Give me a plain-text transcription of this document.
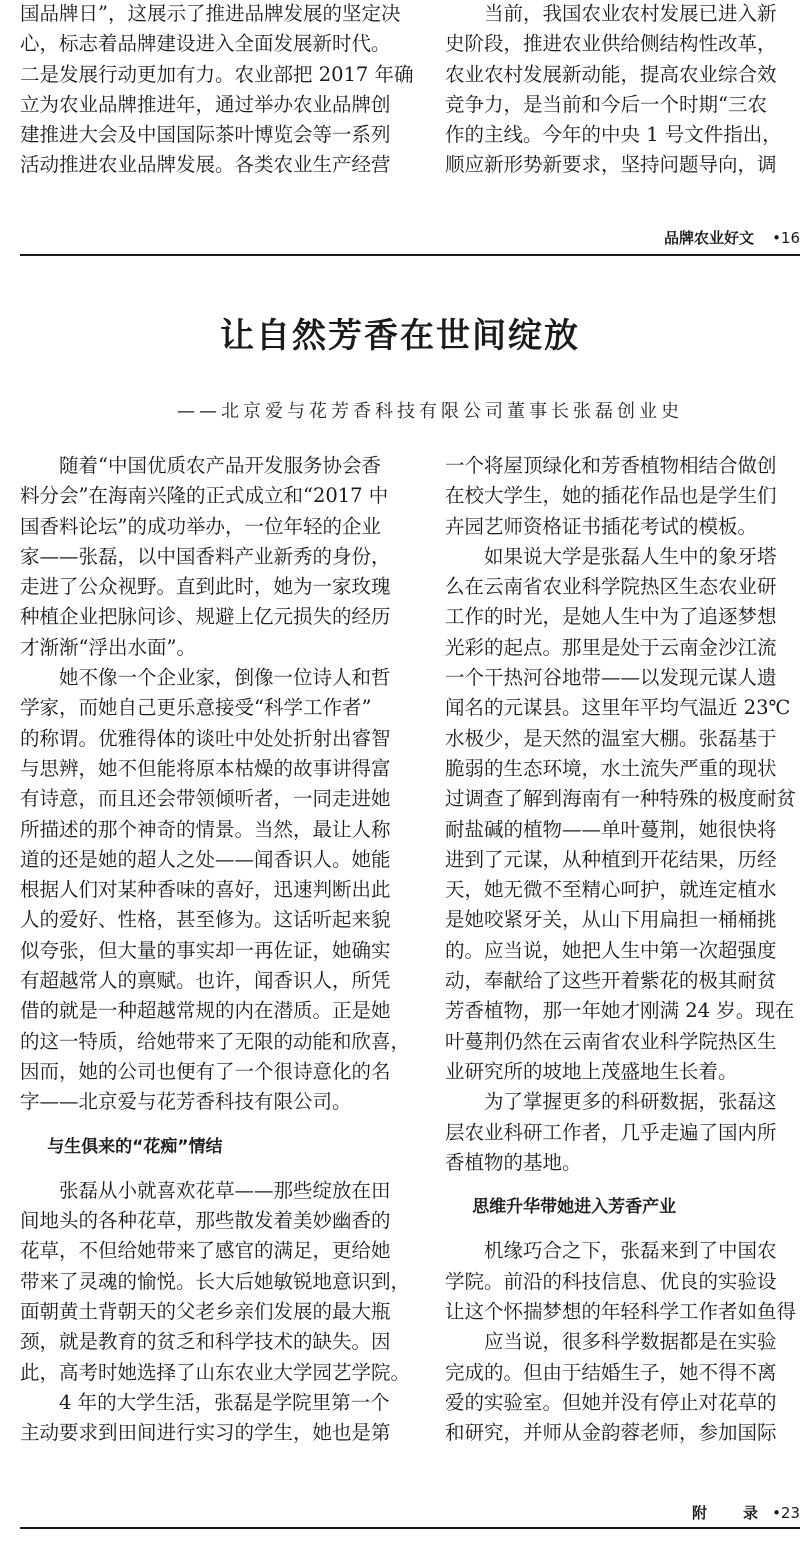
国品牌日”，这展示了推进品牌发展的坚定决
心，标志着品牌建设进入全面发展新时代。
二是发展行动更加有力。农业部把 2017 年确
立为农业品牌推进年，通过举办农业品牌创
建推进大会及中国国际茶叶博览会等一系列
活动推进农业品牌发展。各类农业生产经营
当前，我国农业农村发展已进入新
史阶段，推进农业供给侧结构性改革，
农业农村发展新动能，提高农业综合效
竞争力，是当前和今后一个时期“三农
作的主线。今年的中央 1 号文件指出，
顺应新形势新要求，坚持问题导向，调
品牌农业好文 •16
让自然芳香在世间绽放
——北京爱与花芳香科技有限公司董事长张磊创业史
随着“中国优质农产品开发服务协会香
料分会”在海南兴隆的正式成立和“2017 中
国香料论坛”的成功举办，一位年轻的企业
家——张磊，以中国香料产业新秀的身份，
走进了公众视野。直到此时，她为一家玫瑰
种植企业把脉问诊、规避上亿元损失的经历
才渐渐“浮出水面”。
她不像一个企业家，倒像一位诗人和哲
学家，而她自己更乐意接受“科学工作者”
的称谓。优雅得体的谈吐中处处折射出睿智
与思辨，她不但能将原本枯燥的故事讲得富
有诗意，而且还会带领倾听者，一同走进她
所描述的那个神奇的情景。当然，最让人称
道的还是她的超人之处——闻香识人。她能
根据人们对某种香味的喜好，迅速判断出此
人的爱好、性格，甚至修为。这话听起来貌
似夸张，但大量的事实却一再佐证，她确实
有超越常人的禀赋。也许，闻香识人，所凭
借的就是一种超越常规的内在潜质。正是她
的这一特质，给她带来了无限的动能和欣喜，
因而，她的公司也便有了一个很诗意化的名
字——北京爱与花芳香科技有限公司。
与生俱来的“花痴”情结
张磊从小就喜欢花草——那些绽放在田
间地头的各种花草，那些散发着美妙幽香的
花草，不但给她带来了感官的满足，更给她
带来了灵魂的愉悦。长大后她敏锐地意识到，
面朝黄土背朝天的父老乡亲们发展的最大瓶
颈，就是教育的贫乏和科学技术的缺失。因
此，高考时她选择了山东农业大学园艺学院。
4 年的大学生活，张磊是学院里第一个
主动要求到田间进行实习的学生，她也是第
一个将屋顶绿化和芳香植物相结合做创
在校大学生，她的插花作品也是学生们
卉园艺师资格证书插花考试的模板。
如果说大学是张磊人生中的象牙塔
么在云南省农业科学院热区生态农业研
工作的时光，是她人生中为了追逐梦想
光彩的起点。那里是处于云南金沙江流
一个干热河谷地带——以发现元谋人遗
闻名的元谋县。这里年平均气温近 23℃
水极少，是天然的温室大棚。张磊基于
脆弱的生态环境，水土流失严重的现状
过调查了解到海南有一种特殊的极度耐贫
耐盐碱的植物——单叶蔓荆，她很快将
进到了元谋，从种植到开花结果，历经
天，她无微不至精心呵护，就连定植水
是她咬紧牙关，从山下用扁担一桶桶挑
的。应当说，她把人生中第一次超强度
动，奉献给了这些开着紫花的极其耐贫
芳香植物，那一年她才刚满 24 岁。现在
叶蔓荆仍然在云南省农业科学院热区生
业研究所的坡地上茂盛地生长着。
为了掌握更多的科研数据，张磊这
层农业科研工作者，几乎走遍了国内所
香植物的基地。
思维升华带她进入芳香产业
机缘巧合之下，张磊来到了中国农
学院。前沿的科技信息、优良的实验设
让这个怀揣梦想的年轻科学工作者如鱼得
应当说，很多科学数据都是在实验
完成的。但由于结婚生子，她不得不离
爱的实验室。但她并没有停止对花草的
和研究，并师从金韵蓉老师，参加国际
附 录 •23
